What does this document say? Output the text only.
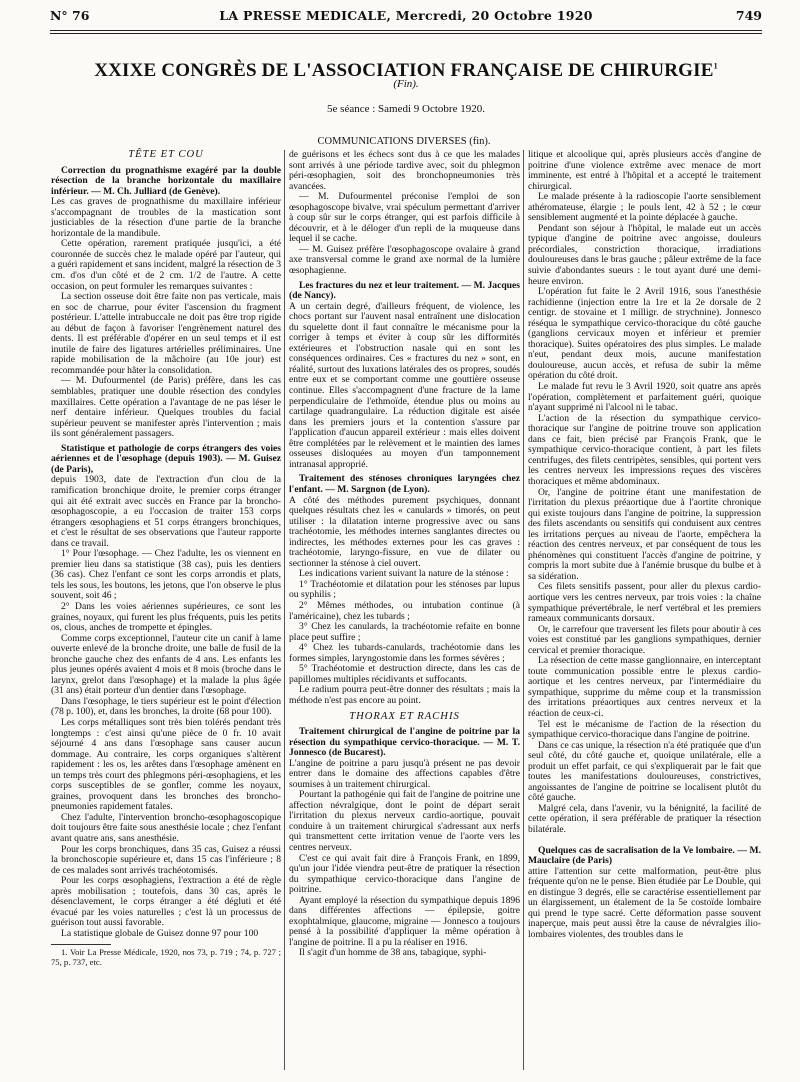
N° 76	LA PRESSE MEDICALE, Mercredi, 20 Octobre 1920	749
XXIXE CONGRÈS DE L'ASSOCIATION FRANÇAISE DE CHIRURGIE$^1$
(Fin).
5e séance : Samedi 9 Octobre 1920.
TÊTE ET COU
Correction du prognathisme exagéré par la double résection de la branche horizontale du maxillaire inférieur. — M. Ch. Julliard (de Genève).

Les cas graves de prognathisme du maxillaire inférieur s'accompagnant de troubles de la mastication sont justiciables de la résection d'une partie de la branche horizontale de la mandibule.

Cette opération, rarement pratiquée jusqu'ici, a été couronnée de succès chez le malade opéré par l'auteur, qui a guéri rapidement et sans incident, malgré la résection de 3 cm. d'os d'un côté et de 2 cm. 1/2 de l'autre. A cette occasion, on peut formuler les remarques suivantes :

La section osseuse doit être faite non pas verticale, mais en soc de charrue, pour éviter l'ascension du fragment postérieur. L'attelle intrabuccale ne doit pas être trop rigide au début de façon à favoriser l'engrènement naturel des dents. Il est préférable d'opérer en un seul temps et il est inutile de faire des ligatures artérielles préliminaires. Une rapide mobilisation de la mâchoire (au 10e jour) est recommandée pour hâter la consolidation.

— M. Dufourmentel (de Paris) préfère, dans les cas semblables, pratiquer une double résection des condyles maxillaires. Cette opération a l'avantage de ne pas léser le nerf dentaire inférieur. Quelques troubles du facial supérieur peuvent se manifester après l'intervention ; mais ils sont généralement passagers.

Statistique et pathologie de corps étrangers des voies aériennes et de l'œsophage (depuis 1903). — M. Guisez (de Paris),

depuis 1903, date de l'extraction d'un clou de la ramification bronchique droite, le premier corps étranger qui ait été extrait avec succès en France par la broncho-œsophagoscopie, a eu l'occasion de traiter 153 corps étrangers œsophagiens et 51 corps étrangers bronchiques, et c'est le résultat de ses observations que l'auteur rapporte dans ce travail.

1° Pour l'œsophage. — Chez l'adulte, les os viennent en premier lieu dans sa statistique (38 cas), puis les dentiers (36 cas). Chez l'enfant ce sont les corps arrondis et plats, tels les sous, les boutons, les jetons, que l'on observe le plus souvent, soit 46 ;

2° Dans les voies aériennes supérieures, ce sont les graines, noyaux, qui furent les plus fréquents, puis les petits os, clous, anches de trompette et épingles.

Comme corps exceptionnel, l'auteur cite un canif à lame ouverte enlevé de la bronche droite, une balle de fusil de la bronche gauche chez des enfants de 4 ans. Les enfants les plus jeunes opérés avaient 4 mois et 8 mois (broche dans le larynx, grelot dans l'œsophage) et la malade la plus âgée (31 ans) était porteur d'un dentier dans l'œsophage.

Dans l'œsophage, le tiers supérieur est le point d'élection (78 p. 100), et, dans les bronches, la droite (68 pour 100).

Les corps métalliques sont très bien tolérés pendant très longtemps : c'est ainsi qu'une pièce de 0 fr. 10 avait séjourné 4 ans dans l'œsophage sans causer aucun dommage. Au contraire, les corps organiques s'altèrent rapidement : les os, les arêtes dans l'œsophage amènent en un temps très court des phlegmons péri-œsophagiens, et les corps susceptibles de se gonfler, comme les noyaux, graines, provoquent dans les bronches des broncho-pneumonies rapidement fatales.

Chez l'adulte, l'intervention broncho-œsophagoscopique doit toujours être faite sous anesthésie locale ; chez l'enfant avant quatre ans, sans anesthésie.

Pour les corps bronchiques, dans 35 cas, Guisez a réussi la bronchoscopie supérieure et, dans 15 cas l'inférieure ; 8 de ces malades sont arrivés trachéotomisés.

Pour les corps œsophagiens, l'extraction a été de règle après mobilisation ; toutefois, dans 30 cas, après le désenclavement, le corps étranger a été dégluti et été évacué par les voies naturelles ; c'est là un processus de guérison tout aussi favorable.

La statistique globale de Guisez donne 97 pour 100

1. Voir La Presse Médicale, 1920, nos 73, p. 719 ; 74, p. 727 ; 75, p. 737, etc.

COMMUNICATIONS DIVERSES (fin).

de guérisons et les échecs sont dus à ce que les malades sont arrivés à une période tardive avec, soit du phlegmon péri-œsophagien, soit des bronchopneumonies très avancées.

— M. Dufourmentel préconise l'emploi de son œsophagoscope bivalve, vrai spéculum permettant d'arriver à coup sûr sur le corps étranger, qui est parfois difficile à découvrir, et à le déloger d'un repli de la muqueuse dans lequel il se cache.

— M. Guisez préfère l'œsophagoscope ovalaire à grand axe transversal comme le grand axe normal de la lumière œsophagienne.

Les fractures du nez et leur traitement. — M. Jacques (de Nancy).

A un certain degré, d'ailleurs fréquent, de violence, les chocs portant sur l'auvent nasal entraînent une dislocation du squelette dont il faut connaître le mécanisme pour la corriger à temps et éviter à coup sûr les difformités extérieures et l'obstruction nasale qui en sont les conséquences ordinaires. Ces « fractures du nez » sont, en réalité, surtout des luxations latérales des os propres, soudés entre eux et se comportant comme une gouttière osseuse continue. Elles s'accompagnent d'une fracture de la lame perpendiculaire de l'ethmoïde, étendue plus ou moins au cartilage quadrangulaire. La réduction digitale est aisée dans les premiers jours et la contention s'assure par l'application d'aucun appareil extérieur : mais elles doivent être complétées par le relèvement et le maintien des lames osseuses disloquées au moyen d'un tamponnement intranasal approprié.

Traitement des sténoses chroniques laryngées chez l'enfant. — M. Sargnon (de Lyon).

A côté des méthodes purement psychiques, donnant quelques résultats chez les « canulards » timorés, on peut utiliser : la dilatation interne progressive avec ou sans trachéotomie, les méthodes internes sanglantes directes ou indirectes, les méthodes externes pour les cas graves : trachéotomie, laryngo-fissure, en vue de dilater ou sectionner la sténose à ciel ouvert.

Les indications varient suivant la nature de la sténose :

1° Trachéotomie et dilatation pour les sténoses par lupus ou syphilis ;

2° Mêmes méthodes, ou intubation continue (à l'américaine), chez les tubards ;

3° Chez les canulards, la trachéotomie refaite en bonne place peut suffire ;

4° Chez les tubards-canulards, trachéotomie dans les formes simples, laryngostomie dans les formes sévères ;

5° Trachéotomie et destruction directe, dans les cas de papillomes multiples récidivants et suffocants.

Le radium pourra peut-être donner des résultats ; mais la méthode n'est pas encore au point.

THORAX ET RACHIS
Traitement chirurgical de l'angine de poitrine par la résection du sympathique cervico-thoracique. — M. T. Jonnesco (de Bucarest).

L'angine de poitrine a paru jusqu'à présent ne pas devoir entrer dans le domaine des affections capables d'être soumises à un traitement chirurgical.

Pourtant la pathogénie qui fait de l'angine de poitrine une affection névralgique, dont le point de départ serait l'irritation du plexus nerveux cardio-aortique, pouvait conduire à un traitement chirurgical s'adressant aux nerfs qui transmettent cette irritation venue de l'aorte vers les centres nerveux.

C'est ce qui avait fait dire à François Frank, en 1899, qu'un jour l'idée viendra peut-être de pratiquer la résection du sympathique cervico-thoracique dans l'angine de poitrine.

Ayant employé la résection du sympathique depuis 1896 dans différentes affections — épilepsie, goitre exophtalmique, glaucome, migraine — Jonnesco a toujours pensé à la possibilité d'appliquer la même opération à l'angine de poitrine. Il a pu la réaliser en 1916.

Il s'agit d'un homme de 38 ans, tabagique, syphi-

litique et alcoolique qui, après plusieurs accès d'angine de poitrine d'une violence extrême avec menace de mort imminente, est entré à l'hôpital et a accepté le traitement chirurgical.

Le malade présente à la radioscopie l'aorte sensiblement athéromateuse, élargie ; le pouls lent, 42 à 52 ; le cœur sensiblement augmenté et la pointe déplacée à gauche.

Pendant son séjour à l'hôpital, le malade eut un accès typique d'angine de poitrine avec angoisse, douleurs précordiales, constriction thoracique, irradiations douloureuses dans le bras gauche ; pâleur extrême de la face suivie d'abondantes sueurs : le tout ayant duré une demi-heure environ.

L'opération fut faite le 2 Avril 1916, sous l'anesthésie rachidienne (injection entre la 1re et la 2e dorsale de 2 centigr. de stovaine et 1 milligr. de strychnine). Jonnesco réséqua le sympathique cervico-thoracique du côté gauche (ganglions cervicaux moyen et inférieur et premier thoracique). Suites opératoires des plus simples. Le malade n'eut, pendant deux mois, aucune manifestation douloureuse, aucun accès, et refusa de subir la même opération du côté droit.

Le malade fut revu le 3 Avril 1920, soit quatre ans après l'opération, complètement et parfaitement guéri, quoique n'ayant supprimé ni l'alcool ni le tabac.

L'action de la résection du sympathique cervico-thoracique sur l'angine de poitrine trouve son application dans ce fait, bien précisé par François Frank, que le sympathique cervico-thoracique contient, à part les filets centrifuges, des filets centripètes, sensibles, qui portent vers les centres nerveux les impressions reçues des viscères thoraciques et même abdominaux.

Or, l'angine de poitrine étant une manifestation de l'irritation du plexus préaortique due à l'aortite chronique qui existe toujours dans l'angine de poitrine, la suppression des filets ascendants ou sensitifs qui conduisent aux centres les irritations perçues au niveau de l'aorte, empêchera la réaction des centres nerveux, et par conséquent de tous les phénomènes qui constituent l'accès d'angine de poitrine, y compris la mort subite due à l'anémie brusque du bulbe et à sa sidération.

Ces filets sensitifs passent, pour aller du plexus cardio-aortique vers les centres nerveux, par trois voies : la chaîne sympathique prévertébrale, le nerf vertébral et les premiers rameaux communicants dorsaux.

Or, le carrefour que traversent les filets pour aboutir à ces voies est constitué par les ganglions sympathiques, dernier cervical et premier thoracique.

La résection de cette masse ganglionnaire, en interceptant toute communication possible entre le plexus cardio-aortique et les centres nerveux, par l'intermédiaire du sympathique, supprime du même coup et la transmission des irritations préaortiques aux centres nerveux et la réaction de ceux-ci.

Tel est le mécanisme de l'action de la résection du sympathique cervico-thoracique dans l'angine de poitrine.

Dans ce cas unique, la résection n'a été pratiquée que d'un seul côté, du côté gauche et, quoique unilatérale, elle a produit un effet parfait, ce qui s'expliquerait par le fait que toutes les manifestations douloureuses, constrictives, angoissantes de l'angine de poitrine se localisent plutôt du côté gauche.

Malgré cela, dans l'avenir, vu la bénignité, la facilité de cette opération, il sera préférable de pratiquer la résection bilatérale.

Quelques cas de sacralisation de la Ve lombaire. — M. Mauclaire (de Paris)

attire l'attention sur cette malformation, peut-être plus fréquente qu'on ne le pense. Bien étudiée par Le Double, qui en distingue 3 degrés, elle se caractérise essentiellement par un élargissement, un étalement de la 5e costoïde lombaire qui prend le type sacré. Cette déformation passe souvent inaperçue, mais peut aussi être la cause de névralgies ilio-lombaires violentes, des troubles dans le
